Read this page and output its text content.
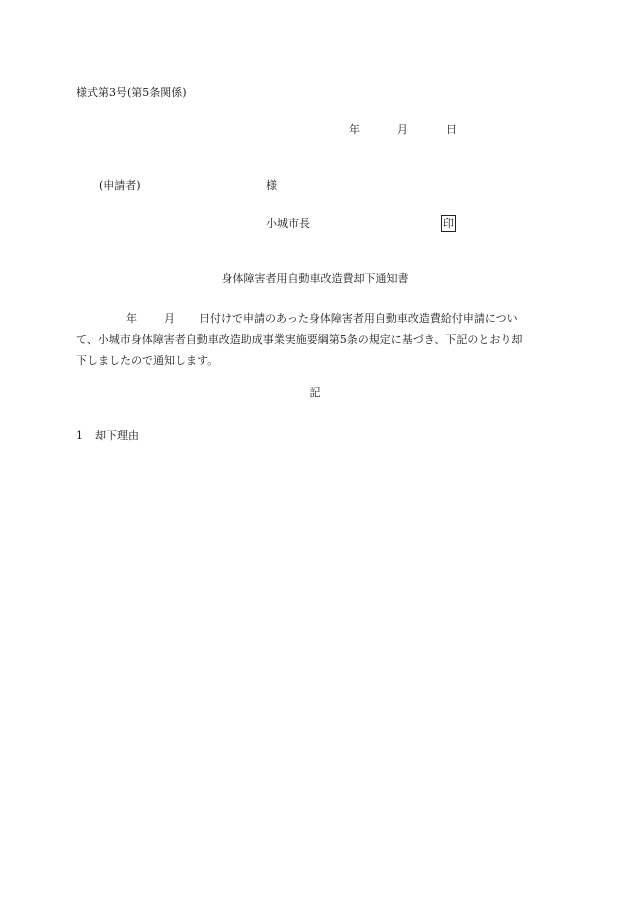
様式第3号(第5条関係)
年	月	日
(申請者)	様
小城市長	印
身体障害者用自動車改造費却下通知書
年 月 日付けで申請のあった身体障害者用自動車改造費給付申請につい
て、小城市身体障害者自動車改造助成事業実施要綱第5条の規定に基づき、下記のとおり却
下しましたので通知します。
記
1 却下理由
